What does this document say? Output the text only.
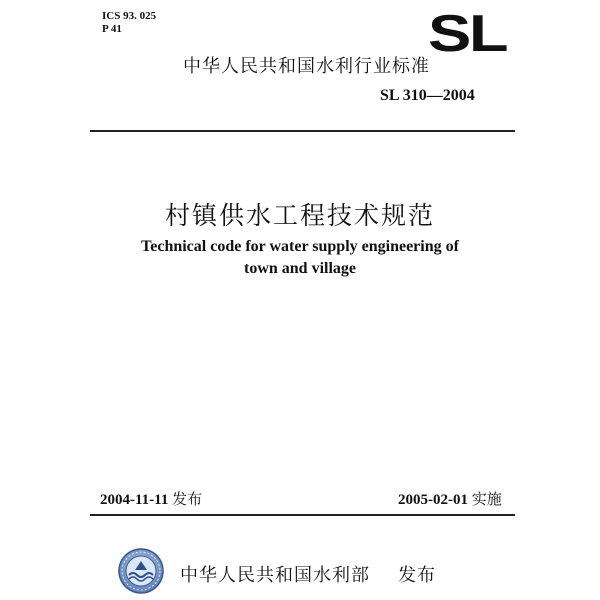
ICS 93. 025
P 41	SL
中华人民共和国水利行业标准
SL 310—2004
村镇供水工程技术规范
Technical code for water supply engineering of
town and village
2004-11-11 发布	2005-02-01 实施
中华人民共和国水利部 发布
